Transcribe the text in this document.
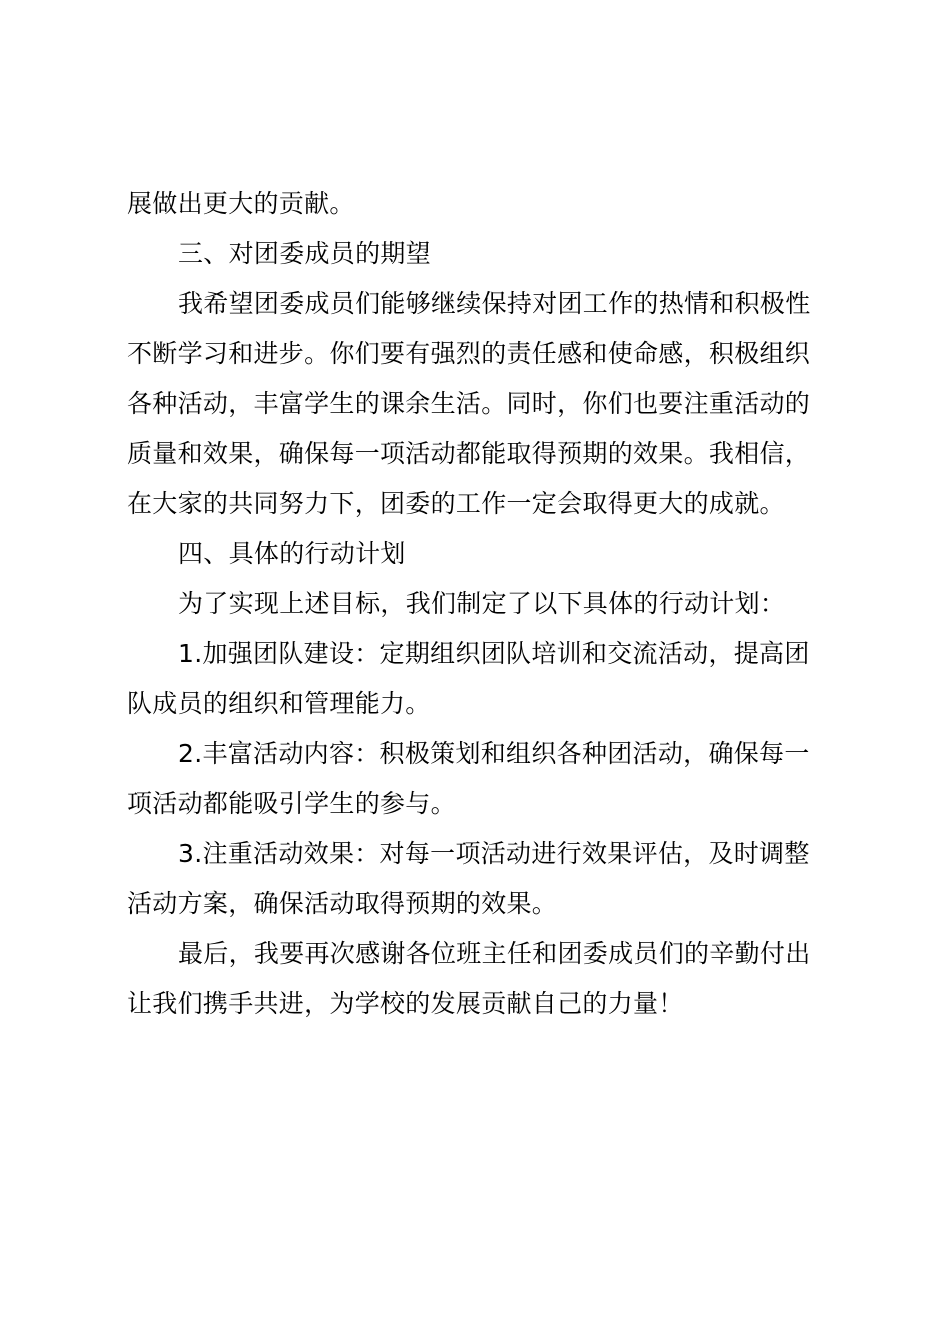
展做出更大的贡献。
三、对团委成员的期望
我希望团委成员们能够继续保持对团工作的热情和积极性
不断学习和进步。你们要有强烈的责任感和使命感，积极组织
各种活动，丰富学生的课余生活。同时，你们也要注重活动的
质量和效果，确保每一项活动都能取得预期的效果。我相信，
在大家的共同努力下，团委的工作一定会取得更大的成就。
四、具体的行动计划
为了实现上述目标，我们制定了以下具体的行动计划：
1.加强团队建设：定期组织团队培训和交流活动，提高团
队成员的组织和管理能力。
2.丰富活动内容：积极策划和组织各种团活动，确保每一
项活动都能吸引学生的参与。
3.注重活动效果：对每一项活动进行效果评估，及时调整
活动方案，确保活动取得预期的效果。
最后，我要再次感谢各位班主任和团委成员们的辛勤付出
让我们携手共进，为学校的发展贡献自己的力量！
